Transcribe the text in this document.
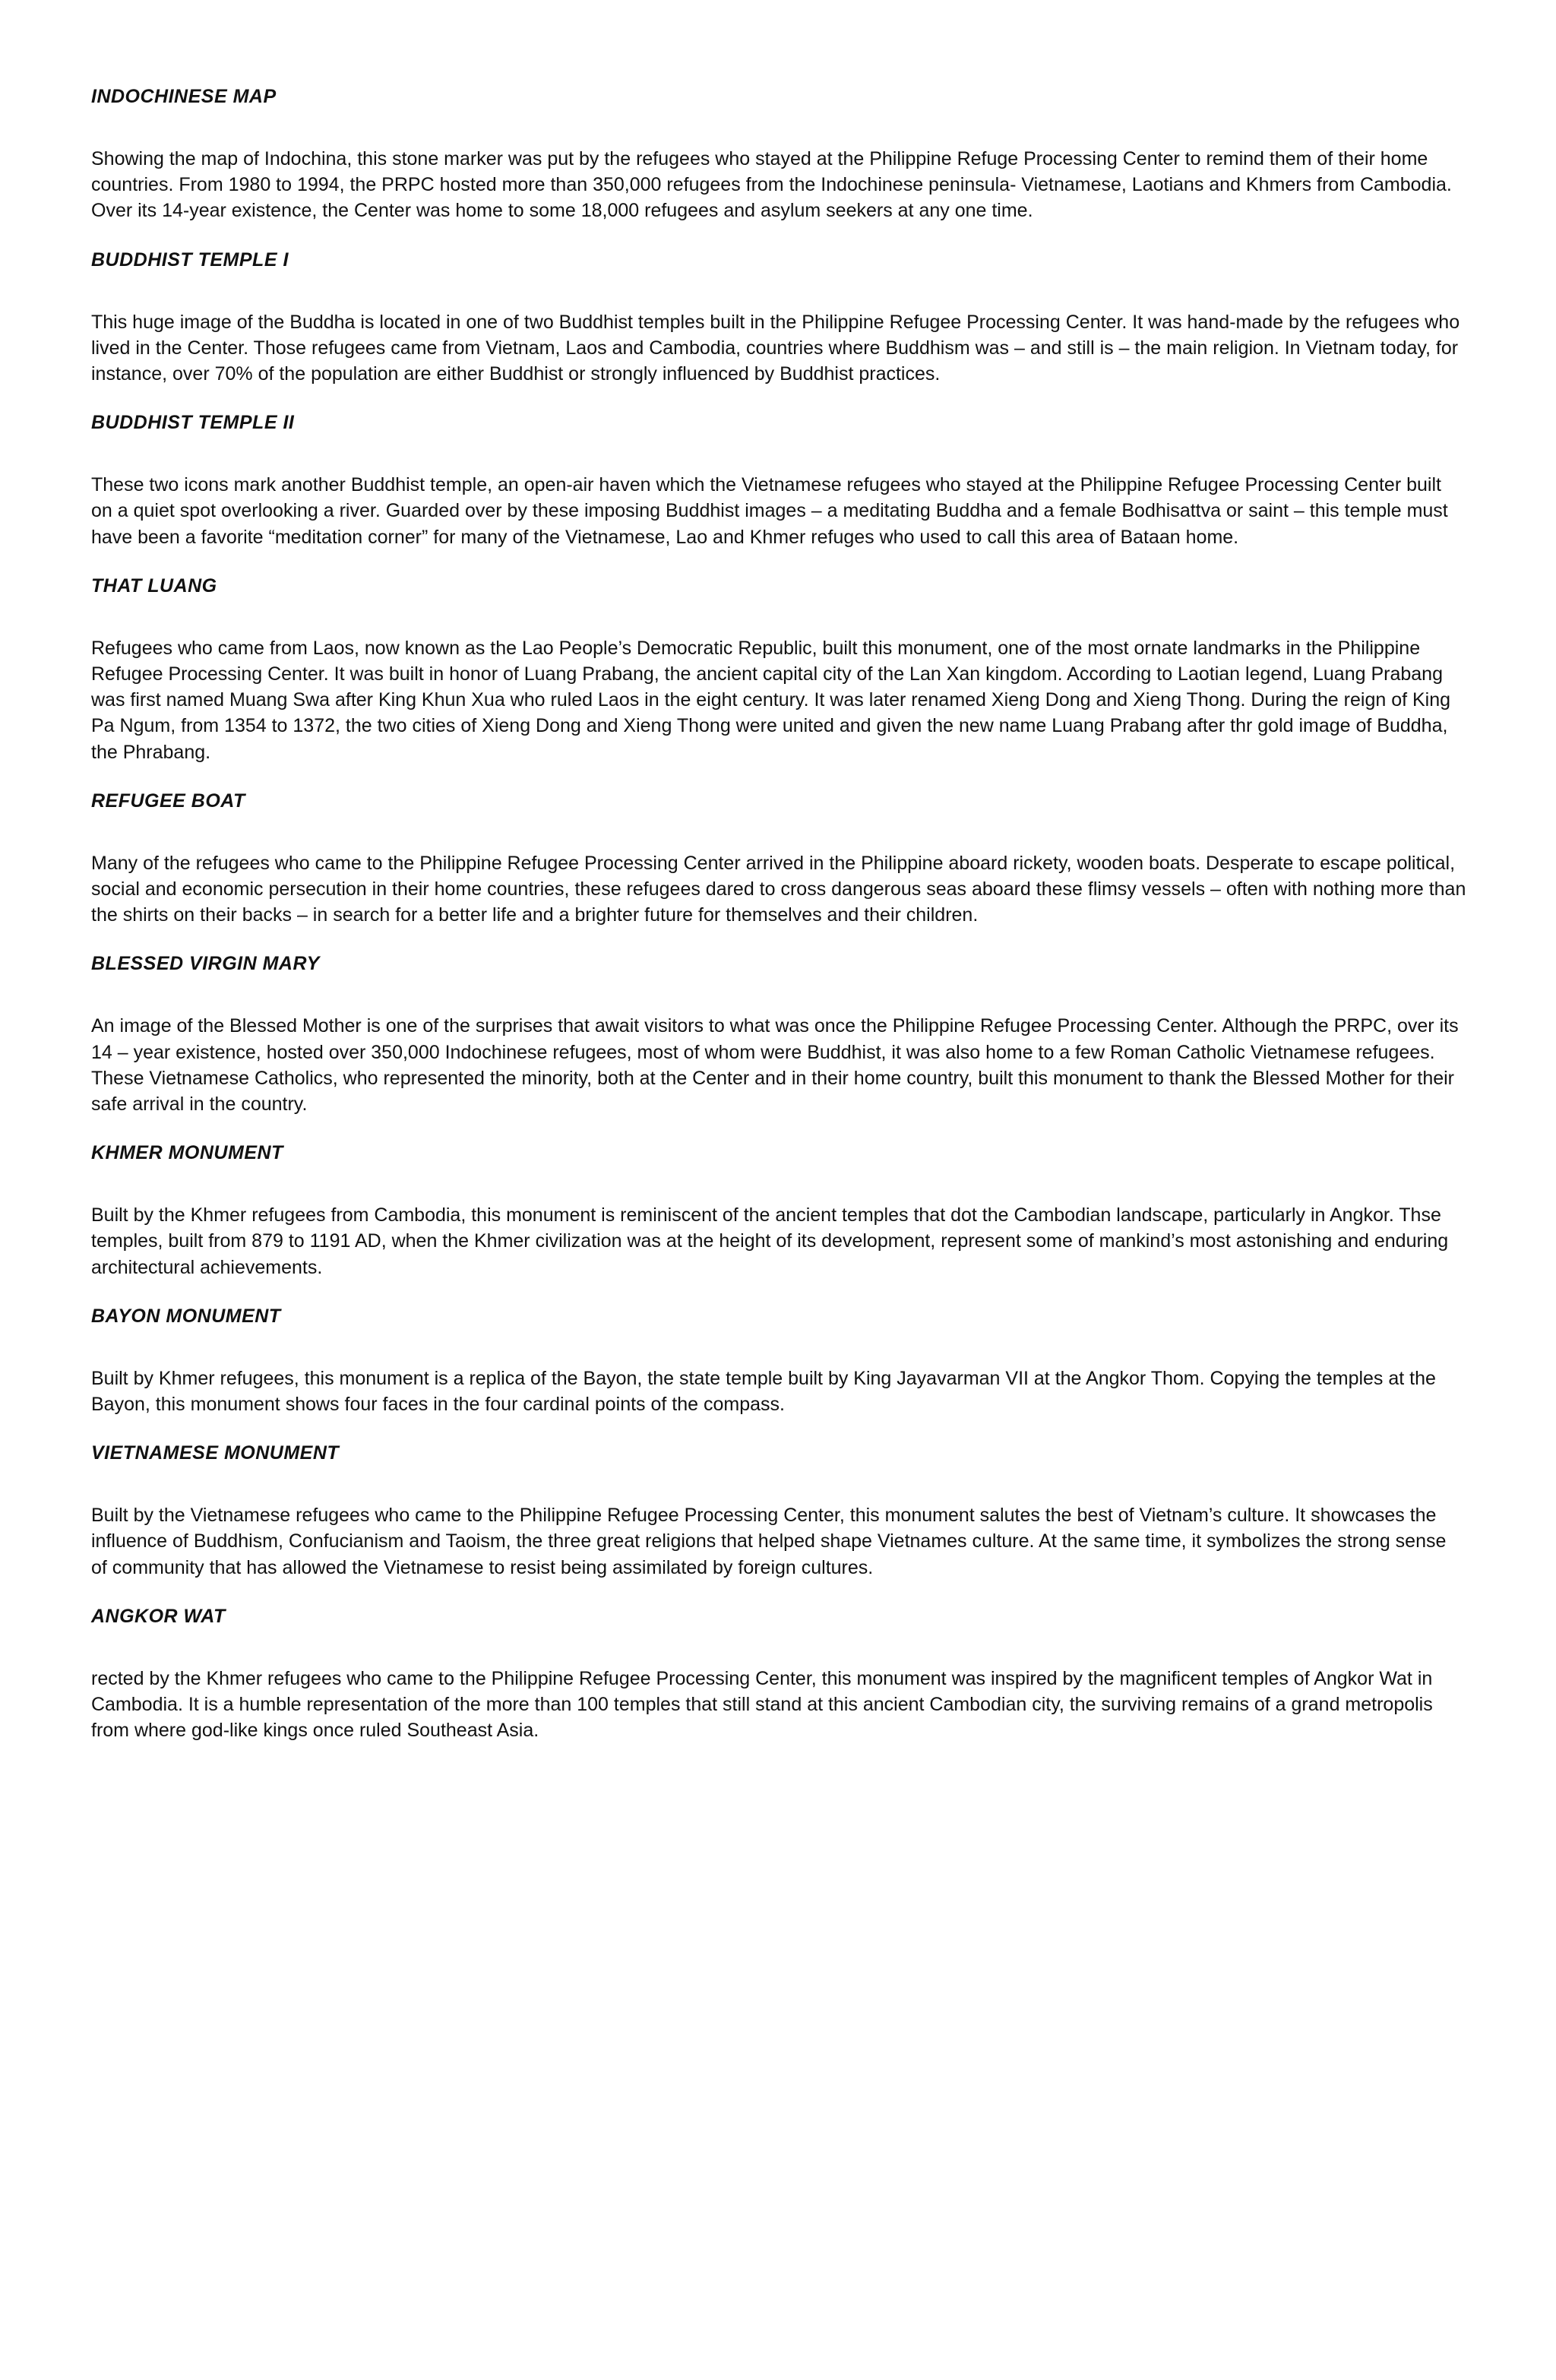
INDOCHINESE MAP

Showing the map of Indochina, this stone marker was put by the refugees who stayed at the Philippine Refuge Processing Center to remind them of their home countries. From 1980 to 1994, the PRPC hosted more than 350,000 refugees from the Indochinese peninsula- Vietnamese, Laotians and Khmers from Cambodia. Over its 14-year existence, the Center was home to some 18,000 refugees and asylum seekers at any one time.

BUDDHIST TEMPLE I

This huge image of the Buddha is located in one of two Buddhist temples built in the Philippine Refugee Processing Center. It was hand-made by the refugees who lived in the Center. Those refugees came from Vietnam, Laos and Cambodia, countries where Buddhism was – and still is – the main religion. In Vietnam today, for instance, over 70% of the population are either Buddhist or strongly influenced by Buddhist practices.

BUDDHIST TEMPLE II

These two icons mark another Buddhist temple, an open-air haven which the Vietnamese refugees who stayed at the Philippine Refugee Processing Center built on a quiet spot overlooking a river. Guarded over by these imposing Buddhist images – a meditating Buddha and a female Bodhisattva or saint – this temple must have been a favorite “meditation corner” for many of the Vietnamese, Lao and Khmer refuges who used to call this area of Bataan home.

THAT LUANG

Refugees who came from Laos, now known as the Lao People’s Democratic Republic, built this monument, one of the most ornate landmarks in the Philippine Refugee Processing Center. It was built in honor of Luang Prabang, the ancient capital city of the Lan Xan kingdom. According to Laotian legend, Luang Prabang was first named Muang Swa after King Khun Xua who ruled Laos in the eight century. It was later renamed Xieng Dong and Xieng Thong. During the reign of King Pa Ngum, from 1354 to 1372, the two cities of Xieng Dong and Xieng Thong were united and given the new name Luang Prabang after thr gold image of Buddha, the Phrabang.

REFUGEE BOAT

Many of the refugees who came to the Philippine Refugee Processing Center arrived in the Philippine aboard rickety, wooden boats. Desperate to escape political, social and economic persecution in their home countries, these refugees dared to cross dangerous seas aboard these flimsy vessels – often with nothing more than the shirts on their backs – in search for a better life and a brighter future for themselves and their children.

BLESSED VIRGIN MARY

An image of the Blessed Mother is one of the surprises that await visitors to what was once the Philippine Refugee Processing Center. Although the PRPC, over its 14 – year existence, hosted over 350,000 Indochinese refugees, most of whom were Buddhist, it was also home to a few Roman Catholic Vietnamese refugees. These Vietnamese Catholics, who represented the minority, both at the Center and in their home country, built this monument to thank the Blessed Mother for their safe arrival in the country.

KHMER MONUMENT

Built by the Khmer refugees from Cambodia, this monument is reminiscent of the ancient temples that dot the Cambodian landscape, particularly in Angkor. Thse temples, built from 879 to 1191 AD, when the Khmer civilization was at the height of its development, represent some of mankind’s most astonishing and enduring architectural achievements.

BAYON MONUMENT

Built by Khmer refugees, this monument is a replica of the Bayon, the state temple built by King Jayavarman VII at the Angkor Thom. Copying the temples at the Bayon, this monument shows four faces in the four cardinal points of the compass.

VIETNAMESE MONUMENT

Built by the Vietnamese refugees who came to the Philippine Refugee Processing Center, this monument salutes the best of Vietnam’s culture. It showcases the influence of Buddhism, Confucianism and Taoism, the three great religions that helped shape Vietnames culture. At the same time, it symbolizes the strong sense of community that has allowed the Vietnamese to resist being assimilated by foreign cultures.

ANGKOR WAT

rected by the Khmer refugees who came to the Philippine Refugee Processing Center, this monument was inspired by the magnificent temples of Angkor Wat in Cambodia. It is a humble representation of the more than 100 temples that still stand at this ancient Cambodian city, the surviving remains of a grand metropolis from where god-like kings once ruled Southeast Asia.
